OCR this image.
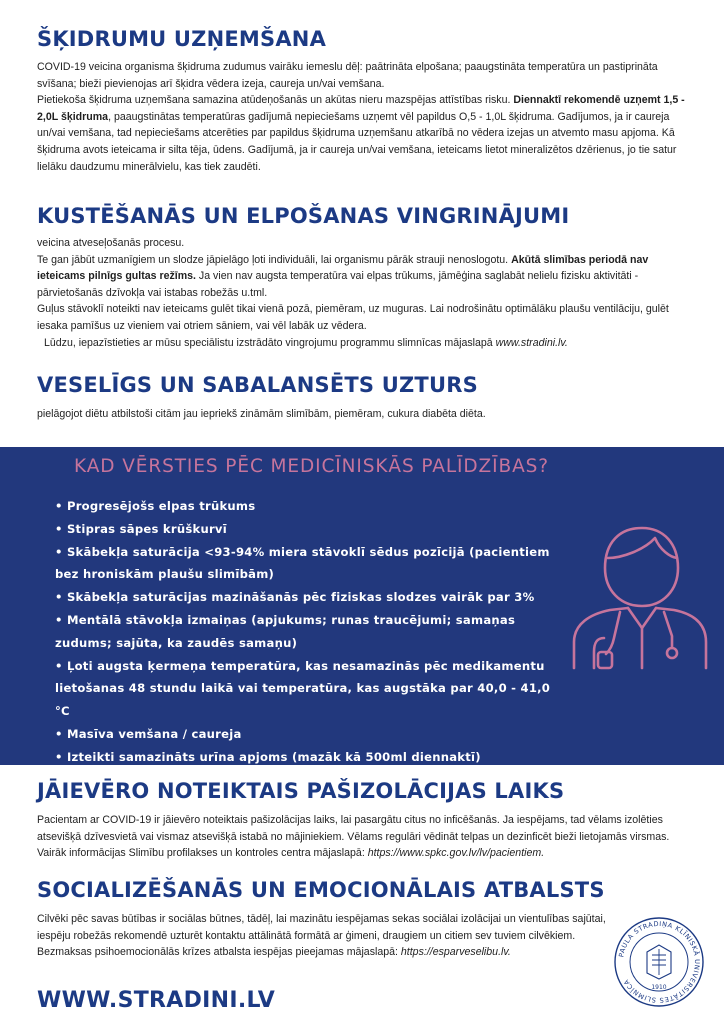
ŠĶIDRUMU UZŅEMŠANA

COVID-19 veicina organisma šķidruma zudumus vairāku iemeslu dēļ: paātrināta elpošana; paaugstināta temperatūra un pastiprināta svīšana; bieži pievienojas arī šķidra vēdera izeja, caureja un/vai vemšana.

Pietiekoša šķidruma uzņemšana samazina atūdeņošanās un akūtas nieru mazspējas attīstības risku. Diennaktī rekomendē uzņemt 1,5 - 2,0L šķidruma, paaugstinātas temperatūras gadījumā nepieciešams uzņemt vēl papildus O,5 - 1,0L šķidruma. Gadījumos, ja ir caureja un/vai vemšana, tad nepieciešams atcerēties par papildus šķidruma uzņemšanu atkarībā no vēdera izejas un atvemto masu apjoma. Kā šķidruma avots ieteicama ir silta tēja, ūdens. Gadījumā, ja ir caureja un/vai vemšana, ieteicams lietot mineralizētos dzērienus, jo tie satur lielāku daudzumu minerālvielu, kas tiek zaudēti.

KUSTĒŠANĀS UN ELPOŠANAS VINGRINĀJUMI

veicina atveseļošanās procesu.

Te gan jābūt uzmanīgiem un slodze jāpielāgo ļoti individuāli, lai organismu pārāk strauji nenoslogotu. Akūtā slimības periodā nav ieteicams pilnīgs gultas režīms. Ja vien nav augsta temperatūra vai elpas trūkums, jāmēģina saglabāt nelielu fizisku aktivitāti - pārvietošanās dzīvokļa vai istabas robežās u.tml.

Guļus stāvoklī noteikti nav ieteicams gulēt tikai vienā pozā, piemēram, uz muguras. Lai nodrošinātu optimālāku plaušu ventilāciju, gulēt iesaka pamīšus uz vieniem vai otriem sāniem, vai vēl labāk uz vēdera.

Lūdzu, iepazīstieties ar mūsu speciālistu izstrādāto vingrojumu programmu slimnīcas mājaslapā www.stradini.lv.

VESELĪGS UN SABALANSĒTS UZTURS

pielāgojot diētu atbilstoši citām jau iepriekš zināmām slimībām, piemēram, cukura diabēta diēta.

KAD VĒRSTIES PĒC MEDICĪNISKĀS PALĪDZĪBAS?
• Progresējošs elpas trūkums
• Stipras sāpes krūškurvī
• Skābekļa saturācija <93-94% miera stāvoklī sēdus pozīcijā (pacientiem bez hroniskām plaušu slimībām)
• Skābekļa saturācijas mazināšanās pēc fiziskas slodzes vairāk par 3%
• Mentālā stāvokļa izmaiņas (apjukums; runas traucējumi; samaņas zudums; sajūta, ka zaudēs samaņu)
• Ļoti augsta ķermeņa temperatūra, kas nesamazinās pēc medikamentu lietošanas 48 stundu laikā vai temperatūra, kas augstāka par 40,0 - 41,0 °C
• Masīva vemšana / caureja
• Izteikti samazināts urīna apjoms (mazāk kā 500ml diennaktī)
JĀIEVĒRO NOTEIKTAIS PAŠIZOLĀCIJAS LAIKS

Pacientam ar COVID-19 ir jāievēro noteiktais pašizolācijas laiks, lai pasargātu citus no inficēšanās. Ja iespējams, tad vēlams izolēties atsevišķā dzīvesvietā vai vismaz atsevišķā istabā no mājiniekiem. Vēlams regulāri vēdināt telpas un dezinficēt bieži lietojamās virsmas. Vairāk informācijas Slimību profilakses un kontroles centra mājaslapā: https://www.spkc.gov.lv/lv/pacientiem.

SOCIALIZĒŠANĀS UN EMOCIONĀLAIS ATBALSTS

Cilvēki pēc savas būtības ir sociālas būtnes, tādēļ, lai mazinātu iespējamas sekas sociālai izolācijai un vientulības sajūtai, iespēju robežās rekomendē uzturēt kontaktu attālinātā formātā ar ģimeni, draugiem un citiem sev tuviem cilvēkiem.

Bezmaksas psihoemocionālās krīzes atbalsta iespējas pieejamas mājaslapā: https://esparveselibu.lv.	PAULA STRADIŅA KLĪNISKĀ UNIVERSITĀTES SLIMNĪCA
1910
WWW.STRADINI.LV
